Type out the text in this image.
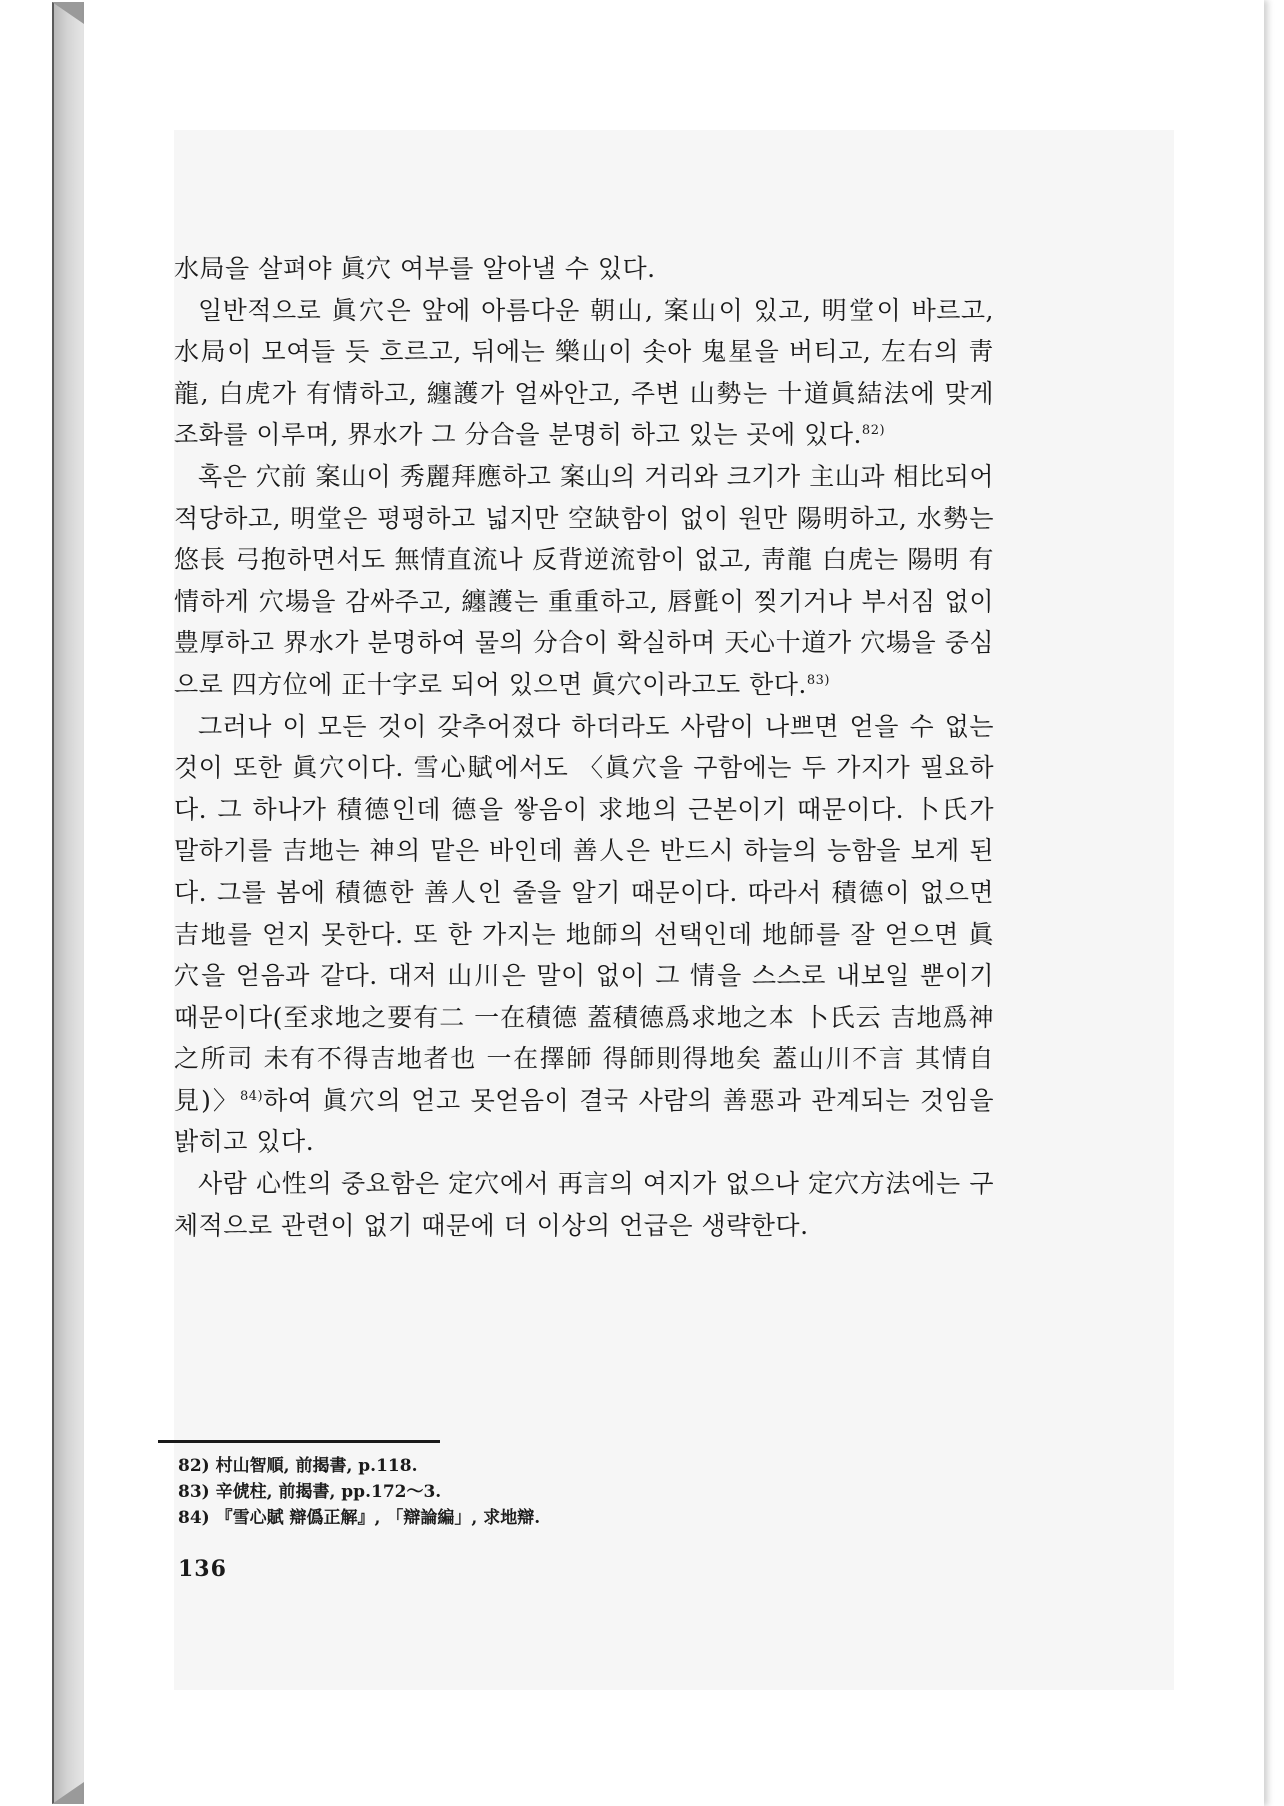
水局을 살펴야 眞穴 여부를 알아낼 수 있다.

일반적으로 眞穴은 앞에 아름다운 朝山, 案山이 있고, 明堂이 바르고, 水局이 모여들 듯 흐르고, 뒤에는 樂山이 솟아 鬼星을 버티고, 左右의 靑龍, 白虎가 有情하고, 纏護가 얼싸안고, 주변 山勢는 十道眞結法에 맞게 조화를 이루며, 界水가 그 分合을 분명히 하고 있는 곳에 있다.$^{82)}$

혹은 穴前 案山이 秀麗拜應하고 案山의 거리와 크기가 主山과 相比되어 적당하고, 明堂은 평평하고 넓지만 空缺함이 없이 원만 陽明하고, 水勢는 悠長 弓抱하면서도 無情直流나 反背逆流함이 없고, 靑龍 白虎는 陽明 有情하게 穴場을 감싸주고, 纏護는 重重하고, 唇氈이 찢기거나 부서짐 없이 豊厚하고 界水가 분명하여 물의 分合이 확실하며 天心十道가 穴場을 중심으로 四方位에 正十字로 되어 있으면 眞穴이라고도 한다.$^{83)}$

그러나 이 모든 것이 갖추어졌다 하더라도 사람이 나쁘면 얻을 수 없는 것이 또한 眞穴이다. 雪心賦에서도 〈眞穴을 구함에는 두 가지가 필요하다. 그 하나가 積德인데 德을 쌓음이 求地의 근본이기 때문이다. 卜氏가 말하기를 吉地는 神의 맡은 바인데 善人은 반드시 하늘의 능함을 보게 된다. 그를 봄에 積德한 善人인 줄을 알기 때문이다. 따라서 積德이 없으면 吉地를 얻지 못한다. 또 한 가지는 地師의 선택인데 地師를 잘 얻으면 眞穴을 얻음과 같다. 대저 山川은 말이 없이 그 情을 스스로 내보일 뿐이기 때문이다(至求地之要有二 一在積德 蓋積德爲求地之本 卜氏云 吉地爲神之所司 未有不得吉地者也 一在擇師 得師則得地矣 蓋山川不言 其情自見)〉$^{84)}$하여 眞穴의 얻고 못얻음이 결국 사람의 善惡과 관계되는 것임을 밝히고 있다.

사람 心性의 중요함은 定穴에서 再言의 여지가 없으나 定穴方法에는 구체적으로 관련이 없기 때문에 더 이상의 언급은 생략한다.

82) 村山智順, 前揭書, p.118.
83) 辛俿柱, 前揭書, pp.172～3.
84) 『雪心賦 辯僞正解』, 「辯論編」, 求地辯.
136
